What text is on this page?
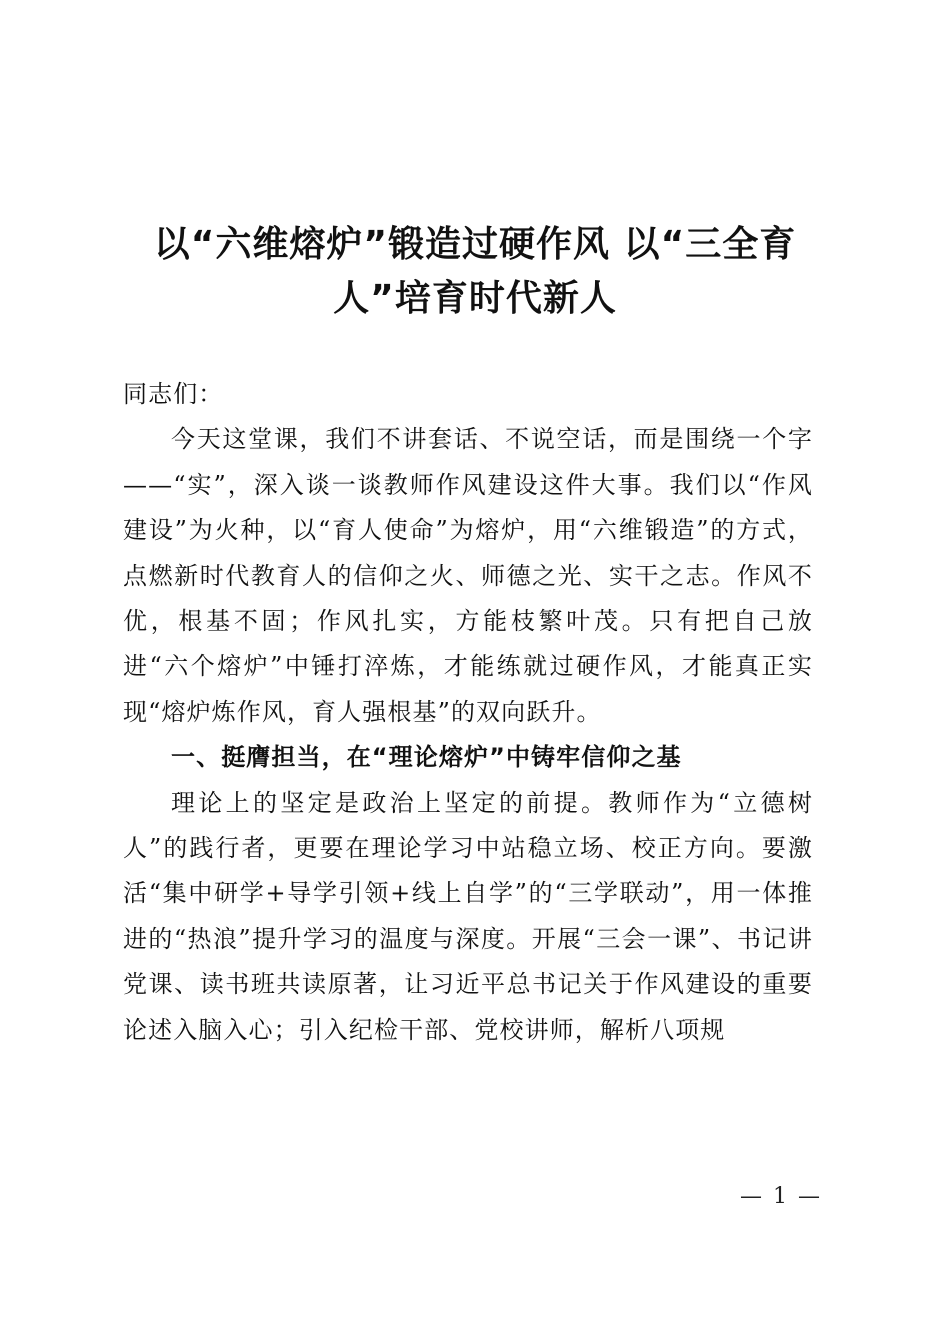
以“六维熔炉”锻造过硬作风 以“三全育
人”培育时代新人

同志们：

今天这堂课，我们不讲套话、不说空话，而是围绕一个字——“实”，深入谈一谈教师作风建设这件大事。我们以“作风建设”为火种，以“育人使命”为熔炉，用“六维锻造”的方式，点燃新时代教育人的信仰之火、师德之光、实干之志。作风不优，根基不固；作风扎实，方能枝繁叶茂。只有把自己放进“六个熔炉”中锤打淬炼，才能练就过硬作风，才能真正实现“熔炉炼作风，育人强根基”的双向跃升。

一、挺膺担当，在“理论熔炉”中铸牢信仰之基

理论上的坚定是政治上坚定的前提。教师作为“立德树人”的践行者，更要在理论学习中站稳立场、校正方向。要激活“集中研学+导学引领+线上自学”的“三学联动”，用一体推进的“热浪”提升学习的温度与深度。开展“三会一课”、书记讲党课、读书班共读原著，让习近平总书记关于作风建设的重要论述入脑入心；引入纪检干部、党校讲师，解析八项规

— 1 —
